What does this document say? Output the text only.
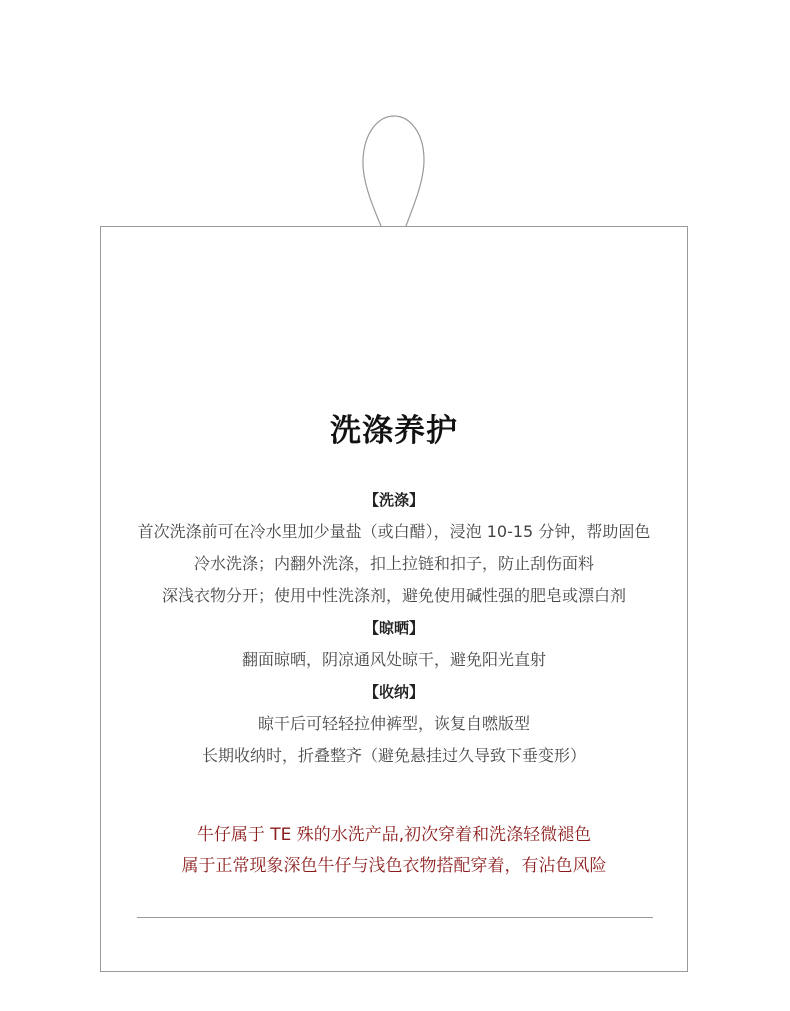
洗涤养护
【洗涤】
首次洗涤前可在冷水里加少量盐（或白醋），浸泡 10-15 分钟，帮助固色
冷水洗涤；内翻外洗涤，扣上拉链和扣子，防止刮伤面料
深浅衣物分开；使用中性洗涤剂，避免使用碱性强的肥皂或漂白剂
【晾晒】
翻面晾晒，阴凉通风处晾干，避免阳光直射
【收纳】
晾干后可轻轻拉伸裤型，诙复自嘫版型
长期收纳时，折叠整齐（避免悬挂过久导致下垂变形）
牛仔属于 TE 殊的水洗产品,初次穿着和洗涤轻微褪色
属于正常现象深色牛仔与浅色衣物搭配穿着，有沾色风险
